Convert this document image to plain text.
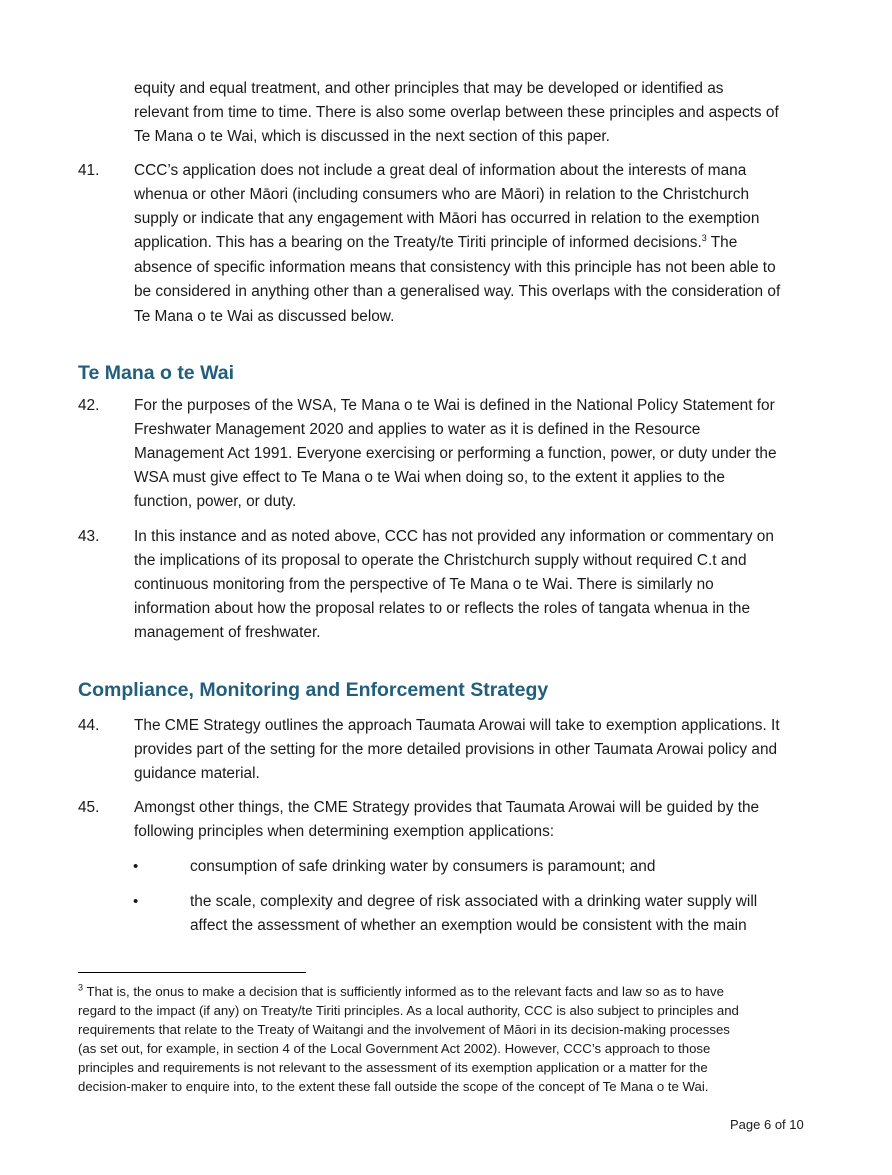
equity and equal treatment, and other principles that may be developed or identified as
relevant from time to time. There is also some overlap between these principles and aspects of
Te Mana o te Wai, which is discussed in the next section of this paper.
41.	CCC’s application does not include a great deal of information about the interests of mana
whenua or other Māori (including consumers who are Māori) in relation to the Christchurch
supply or indicate that any engagement with Māori has occurred in relation to the exemption
application. This has a bearing on the Treaty/te Tiriti principle of informed decisions.$^3$ The
absence of specific information means that consistency with this principle has not been able to
be considered in anything other than a generalised way. This overlaps with the consideration of
Te Mana o te Wai as discussed below.
Te Mana o te Wai
42.	For the purposes of the WSA, Te Mana o te Wai is defined in the National Policy Statement for
Freshwater Management 2020 and applies to water as it is defined in the Resource
Management Act 1991. Everyone exercising or performing a function, power, or duty under the
WSA must give effect to Te Mana o te Wai when doing so, to the extent it applies to the
function, power, or duty.
43.	In this instance and as noted above, CCC has not provided any information or commentary on
the implications of its proposal to operate the Christchurch supply without required C.t and
continuous monitoring from the perspective of Te Mana o te Wai. There is similarly no
information about how the proposal relates to or reflects the roles of tangata whenua in the
management of freshwater.
Compliance, Monitoring and Enforcement Strategy
44.	The CME Strategy outlines the approach Taumata Arowai will take to exemption applications. It
provides part of the setting for the more detailed provisions in other Taumata Arowai policy and
guidance material.
45.	Amongst other things, the CME Strategy provides that Taumata Arowai will be guided by the
following principles when determining exemption applications:
•	consumption of safe drinking water by consumers is paramount; and
•	the scale, complexity and degree of risk associated with a drinking water supply will
affect the assessment of whether an exemption would be consistent with the main
$^3$ That is, the onus to make a decision that is sufficiently informed as to the relevant facts and law so as to have
regard to the impact (if any) on Treaty/te Tiriti principles. As a local authority, CCC is also subject to principles and
requirements that relate to the Treaty of Waitangi and the involvement of Māori in its decision-making processes
(as set out, for example, in section 4 of the Local Government Act 2002). However, CCC’s approach to those
principles and requirements is not relevant to the assessment of its exemption application or a matter for the
decision-maker to enquire into, to the extent these fall outside the scope of the concept of Te Mana o te Wai.
Page 6 of 10
